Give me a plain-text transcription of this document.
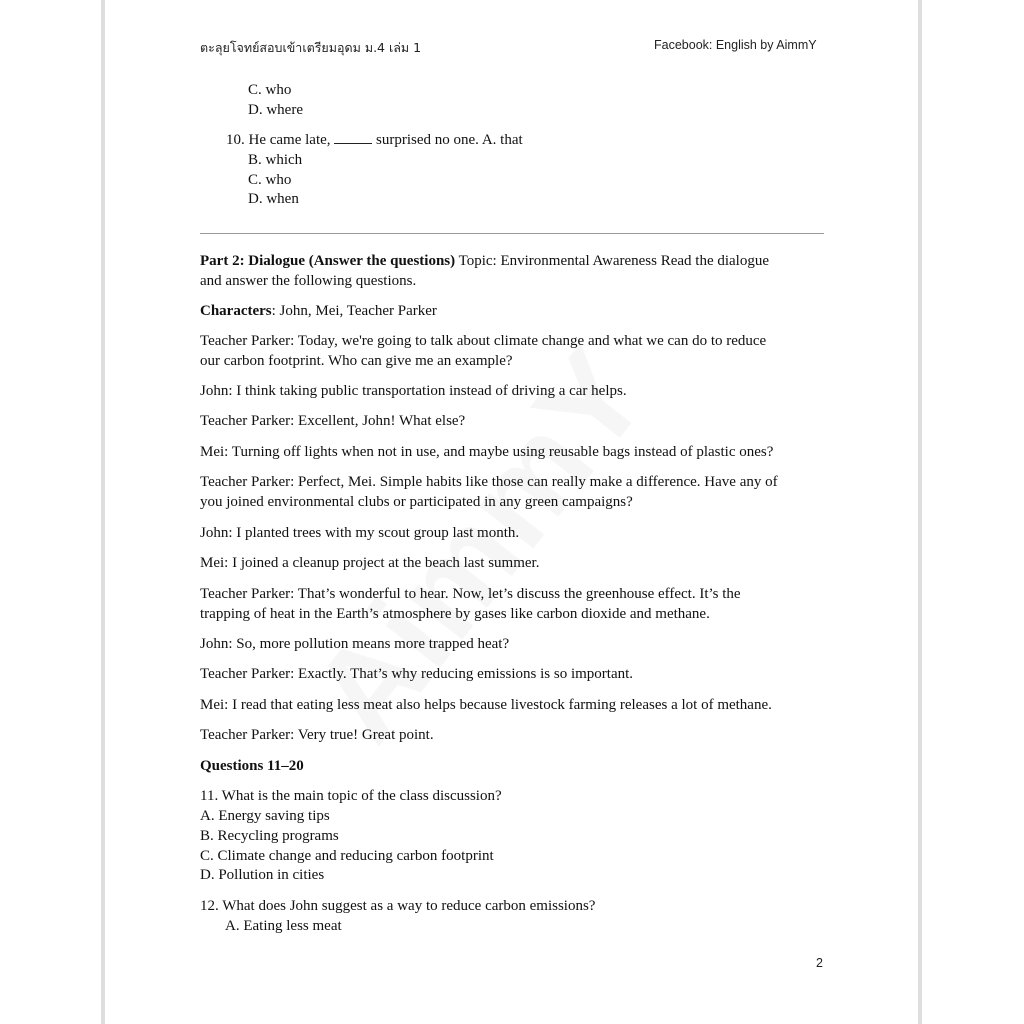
ตะลุยโจทย์สอบเข้าเตรียมอุดม ม.4 เล่ม 1	Facebook: English by AimmY
C. who
D. where
10. He came late,	surprised no one. A. that
B. which
C. who
D. when
Part 2: Dialogue (Answer the questions) Topic: Environmental Awareness Read the dialogue
and answer the following questions.
Characters: John, Mei, Teacher Parker
Teacher Parker: Today, we're going to talk about climate change and what we can do to reduce
our carbon footprint. Who can give me an example?
John: I think taking public transportation instead of driving a car helps.
Teacher Parker: Excellent, John! What else?
Mei: Turning off lights when not in use, and maybe using reusable bags instead of plastic ones?
Teacher Parker: Perfect, Mei. Simple habits like those can really make a difference. Have any of
you joined environmental clubs or participated in any green campaigns?
John: I planted trees with my scout group last month.
Mei: I joined a cleanup project at the beach last summer.
Teacher Parker: That’s wonderful to hear. Now, let’s discuss the greenhouse effect. It’s the
trapping of heat in the Earth’s atmosphere by gases like carbon dioxide and methane.
John: So, more pollution means more trapped heat?
Teacher Parker: Exactly. That’s why reducing emissions is so important.
Mei: I read that eating less meat also helps because livestock farming releases a lot of methane.
Teacher Parker: Very true! Great point.
Questions 11–20
11. What is the main topic of the class discussion?
A. Energy saving tips
B. Recycling programs
C. Climate change and reducing carbon footprint
D. Pollution in cities
12. What does John suggest as a way to reduce carbon emissions?
A. Eating less meat
2
